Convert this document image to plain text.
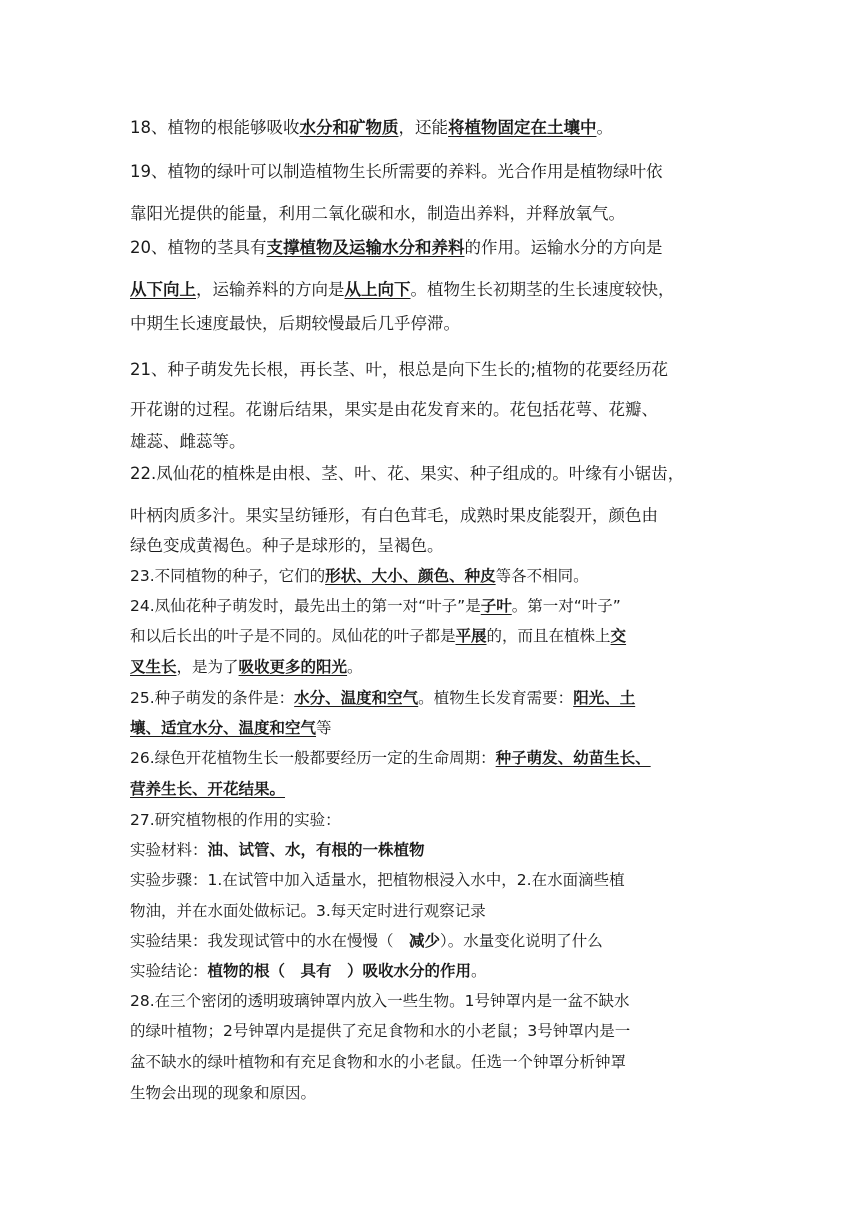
18、植物的根能够吸收水分和矿物质，还能将植物固定在土壤中。
19、植物的绿叶可以制造植物生长所需要的养料。光合作用是植物绿叶依
靠阳光提供的能量，利用二氧化碳和水，制造出养料，并释放氧气。
20、植物的茎具有支撑植物及运输水分和养料的作用。运输水分的方向是
从下向上，运输养料的方向是从上向下。植物生长初期茎的生长速度较快，
中期生长速度最快，后期较慢最后几乎停滞。
21、种子萌发先长根，再长茎、叶，根总是向下生长的;植物的花要经历花
开花谢的过程。花谢后结果，果实是由花发育来的。花包括花萼、花瓣、
雄蕊、雌蕊等。
22.凤仙花的植株是由根、茎、叶、花、果实、种子组成的。叶缘有小锯齿，
叶柄肉质多汁。果实呈纺锤形，有白色茸毛，成熟时果皮能裂开，颜色由
绿色变成黄褐色。种子是球形的，呈褐色。
23.不同植物的种子，它们的形状、大小、颜色、种皮等各不相同。
24.凤仙花种子萌发时，最先出土的第一对“叶子”是子叶。第一对“叶子”
和以后长出的叶子是不同的。凤仙花的叶子都是平展的，而且在植株上交
叉生长，是为了吸收更多的阳光。
25.种子萌发的条件是：水分、温度和空气。植物生长发育需要：阳光、土
壤、适宜水分、温度和空气等
26.绿色开花植物生长一般都要经历一定的生命周期：种子萌发、幼苗生长、
营养生长、开花结果。
27.研究植物根的作用的实验：
实验材料：油、试管、水，有根的一株植物
实验步骤：1.在试管中加入适量水，把植物根浸入水中，2.在水面滴些植
物油，并在水面处做标记。3.每天定时进行观察记录
实验结果：我发现试管中的水在慢慢（　减少）。水量变化说明了什么
实验结论：植物的根（　具有　）吸收水分的作用。
28.在三个密闭的透明玻璃钟罩内放入一些生物。1号钟罩内是一盆不缺水
的绿叶植物；2号钟罩内是提供了充足食物和水的小老鼠；3号钟罩内是一
盆不缺水的绿叶植物和有充足食物和水的小老鼠。任选一个钟罩分析钟罩
生物会出现的现象和原因。
